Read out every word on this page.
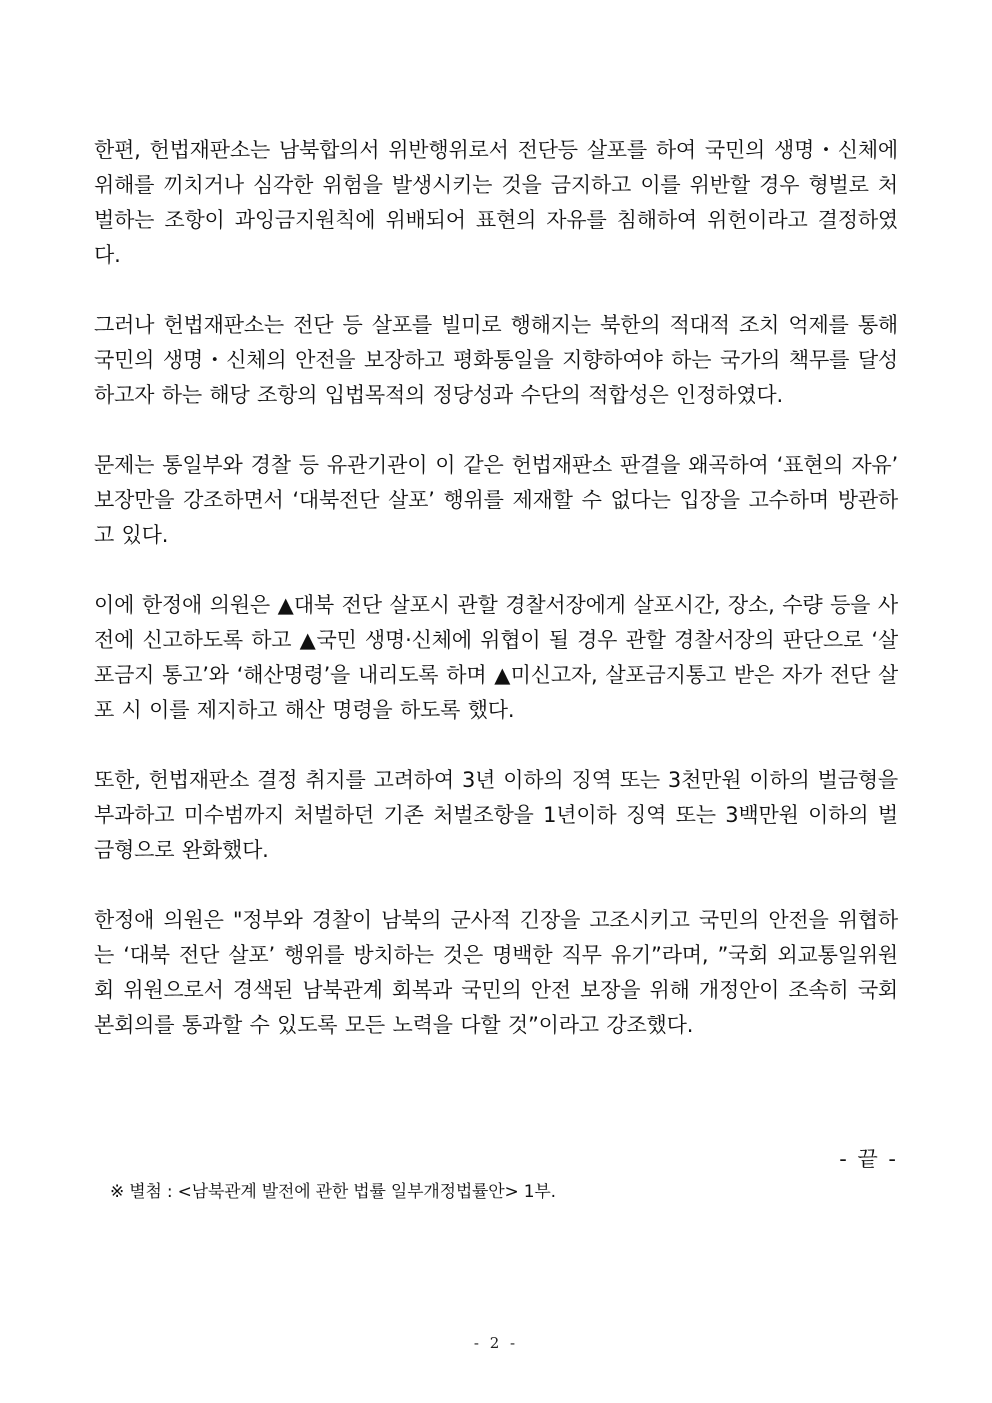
한편, 헌법재판소는 남북합의서 위반행위로서 전단등 살포를 하여 국민의 생명・신체에 위해를 끼치거나 심각한 위험을 발생시키는 것을 금지하고 이를 위반할 경우 형벌로 처벌하는 조항이 과잉금지원칙에 위배되어 표현의 자유를 침해하여 위헌이라고 결정하였다.

그러나 헌법재판소는 전단 등 살포를 빌미로 행해지는 북한의 적대적 조치 억제를 통해 국민의 생명・신체의 안전을 보장하고 평화통일을 지향하여야 하는 국가의 책무를 달성하고자 하는 해당 조항의 입법목적의 정당성과 수단의 적합성은 인정하였다.

문제는 통일부와 경찰 등 유관기관이 이 같은 헌법재판소 판결을 왜곡하여 ‘표현의 자유’ 보장만을 강조하면서 ‘대북전단 살포’ 행위를 제재할 수 없다는 입장을 고수하며 방관하고 있다.

이에 한정애 의원은 ▲대북 전단 살포시 관할 경찰서장에게 살포시간, 장소, 수량 등을 사전에 신고하도록 하고 ▲국민 생명·신체에 위협이 될 경우 관할 경찰서장의 판단으로 ‘살포금지 통고’와 ‘해산명령’을 내리도록 하며 ▲미신고자, 살포금지통고 받은 자가 전단 살포 시 이를 제지하고 해산 명령을 하도록 했다.

또한, 헌법재판소 결정 취지를 고려하여 3년 이하의 징역 또는 3천만원 이하의 벌금형을 부과하고 미수범까지 처벌하던 기존 처벌조항을 1년이하 징역 또는 3백만원 이하의 벌금형으로 완화했다.

한정애 의원은 "정부와 경찰이 남북의 군사적 긴장을 고조시키고 국민의 안전을 위협하는 ‘대북 전단 살포’ 행위를 방치하는 것은 명백한 직무 유기”라며, ”국회 외교통일위원회 위원으로서 경색된 남북관계 회복과 국민의 안전 보장을 위해 개정안이 조속히 국회 본회의를 통과할 수 있도록 모든 노력을 다할 것”이라고 강조했다.

- 끝 -
※ 별첨 : <남북관계 발전에 관한 법률 일부개정법률안> 1부.
- 2 -
